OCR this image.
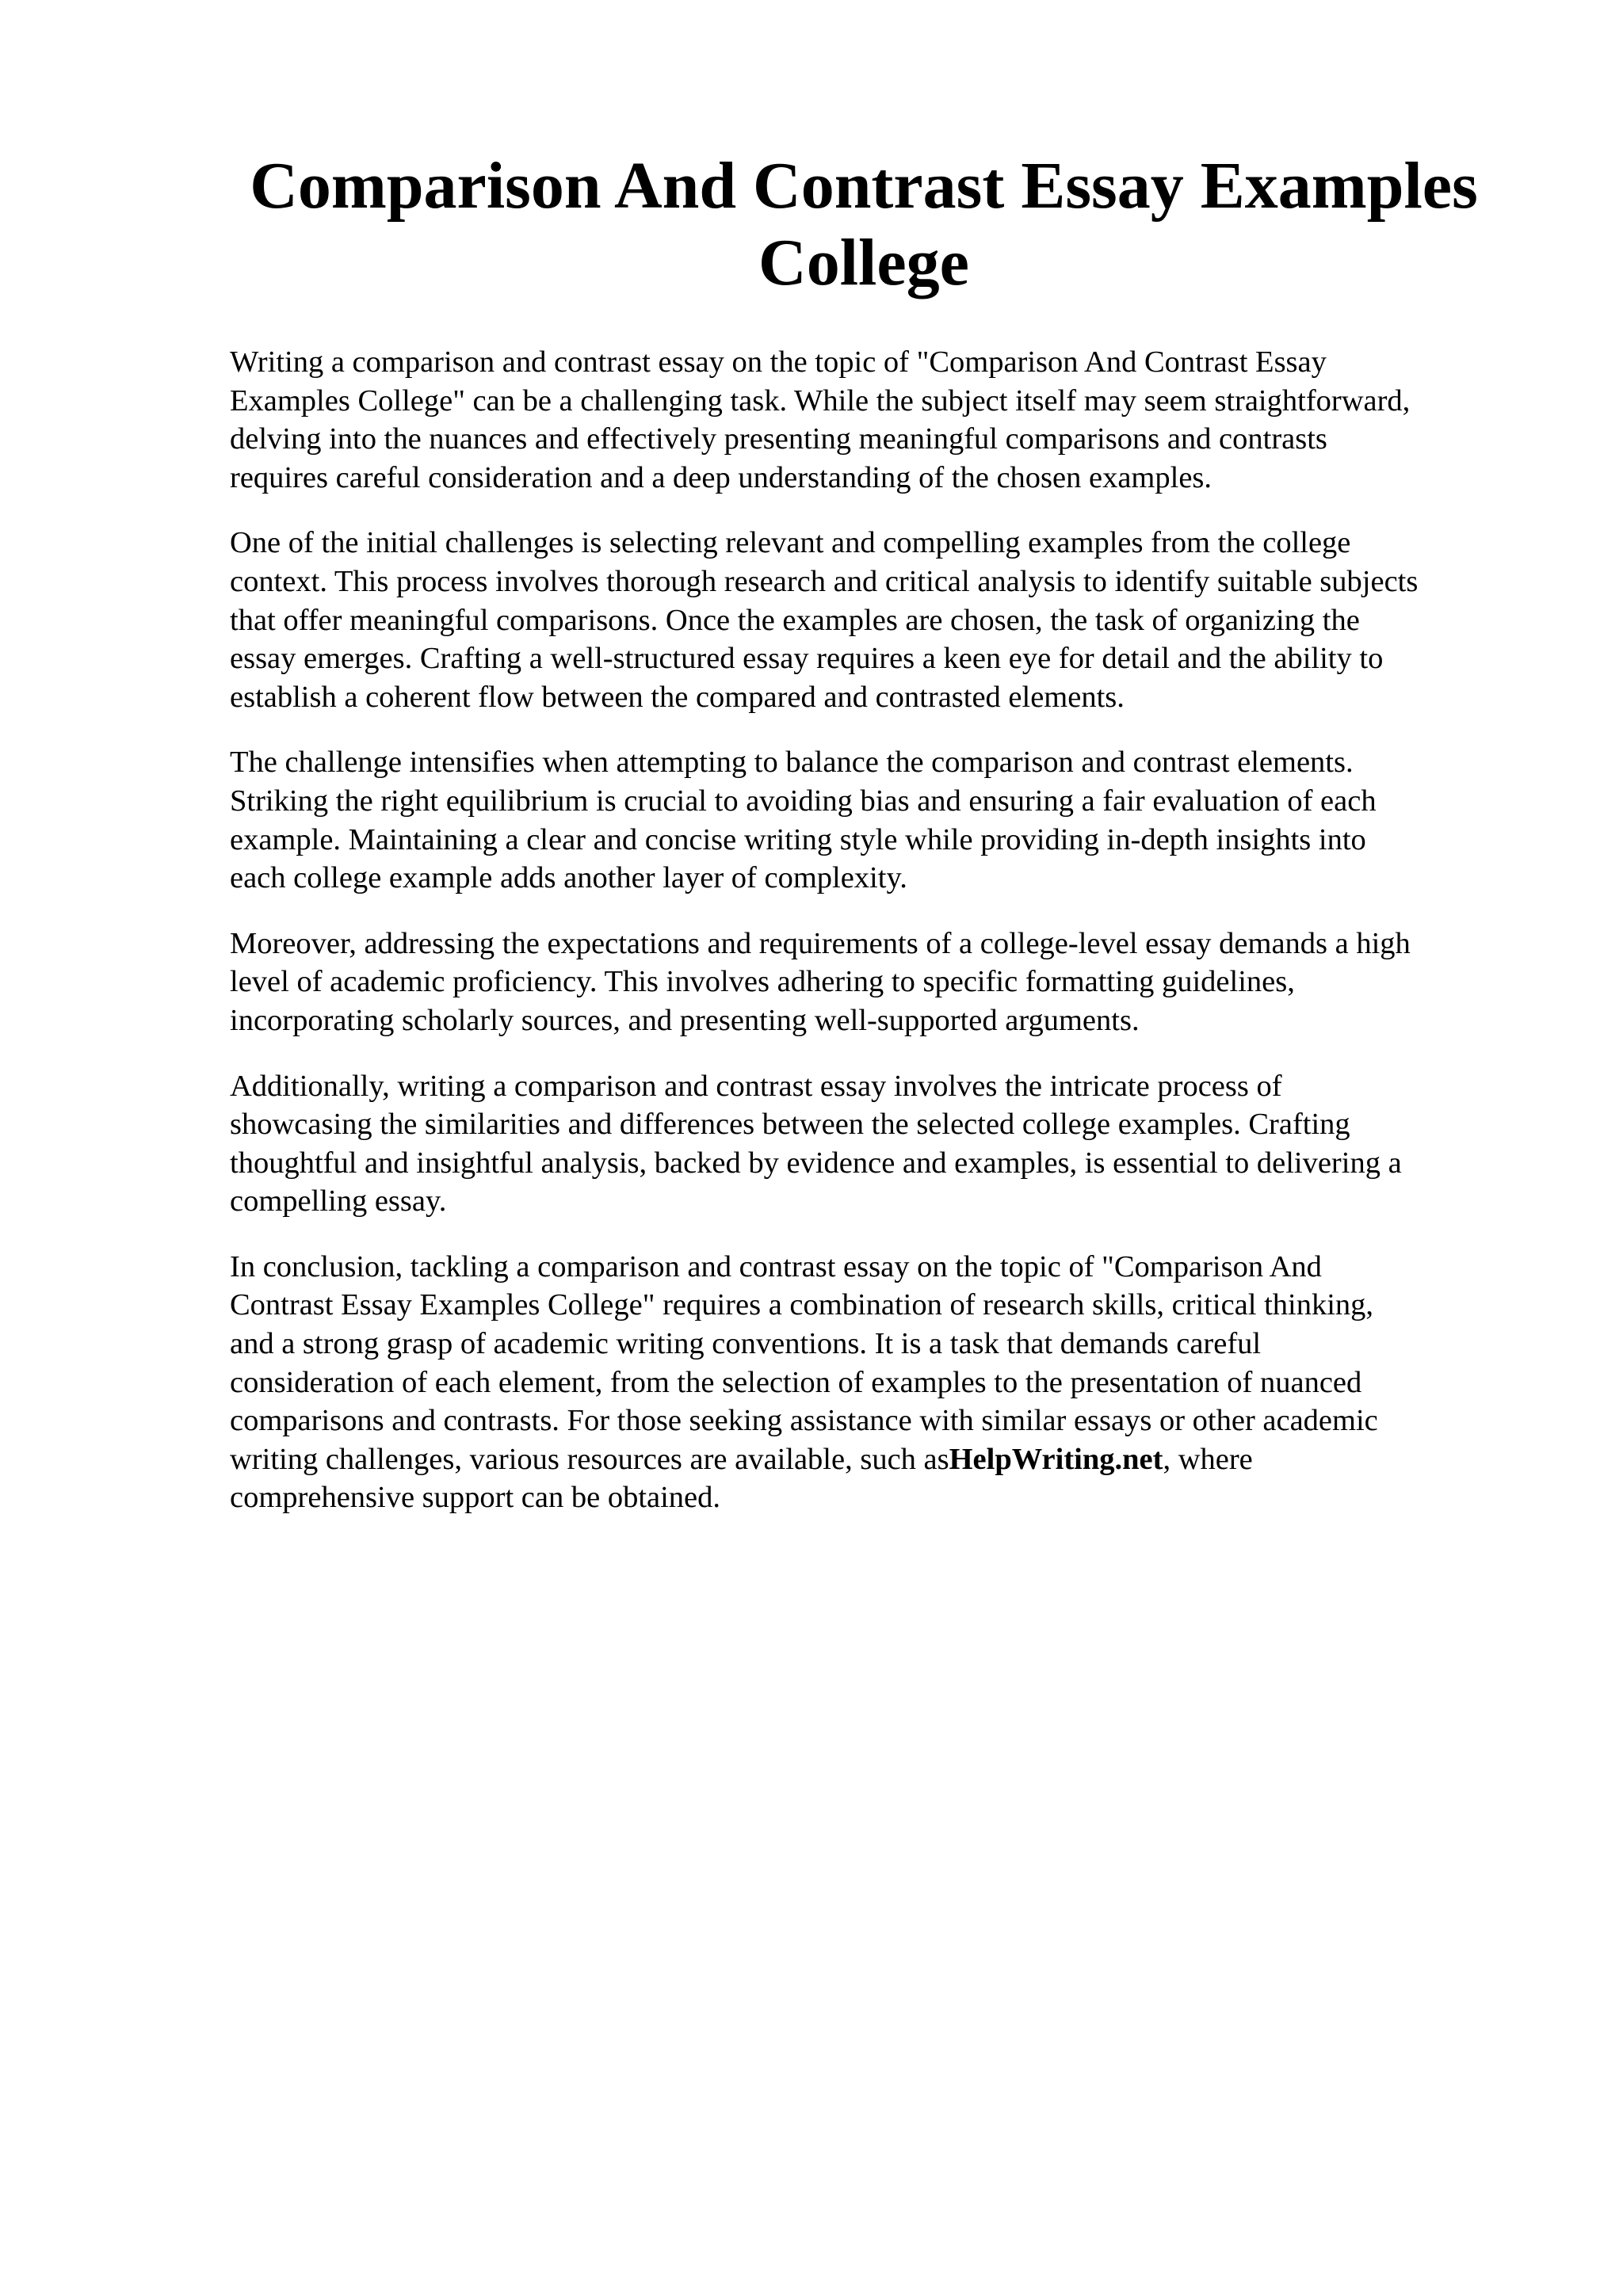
Comparison And Contrast Essay Examples
College

Writing a comparison and contrast essay on the topic of "Comparison And Contrast Essay
Examples College" can be a challenging task. While the subject itself may seem straightforward,
delving into the nuances and effectively presenting meaningful comparisons and contrasts
requires careful consideration and a deep understanding of the chosen examples.

One of the initial challenges is selecting relevant and compelling examples from the college
context. This process involves thorough research and critical analysis to identify suitable subjects
that offer meaningful comparisons. Once the examples are chosen, the task of organizing the
essay emerges. Crafting a well-structured essay requires a keen eye for detail and the ability to
establish a coherent flow between the compared and contrasted elements.

The challenge intensifies when attempting to balance the comparison and contrast elements.
Striking the right equilibrium is crucial to avoiding bias and ensuring a fair evaluation of each
example. Maintaining a clear and concise writing style while providing in-depth insights into
each college example adds another layer of complexity.

Moreover, addressing the expectations and requirements of a college-level essay demands a high
level of academic proficiency. This involves adhering to specific formatting guidelines,
incorporating scholarly sources, and presenting well-supported arguments.

Additionally, writing a comparison and contrast essay involves the intricate process of
showcasing the similarities and differences between the selected college examples. Crafting
thoughtful and insightful analysis, backed by evidence and examples, is essential to delivering a
compelling essay.

In conclusion, tackling a comparison and contrast essay on the topic of "Comparison And
Contrast Essay Examples College" requires a combination of research skills, critical thinking,
and a strong grasp of academic writing conventions. It is a task that demands careful
consideration of each element, from the selection of examples to the presentation of nuanced
comparisons and contrasts. For those seeking assistance with similar essays or other academic
writing challenges, various resources are available, such asHelpWriting.net, where
comprehensive support can be obtained.
